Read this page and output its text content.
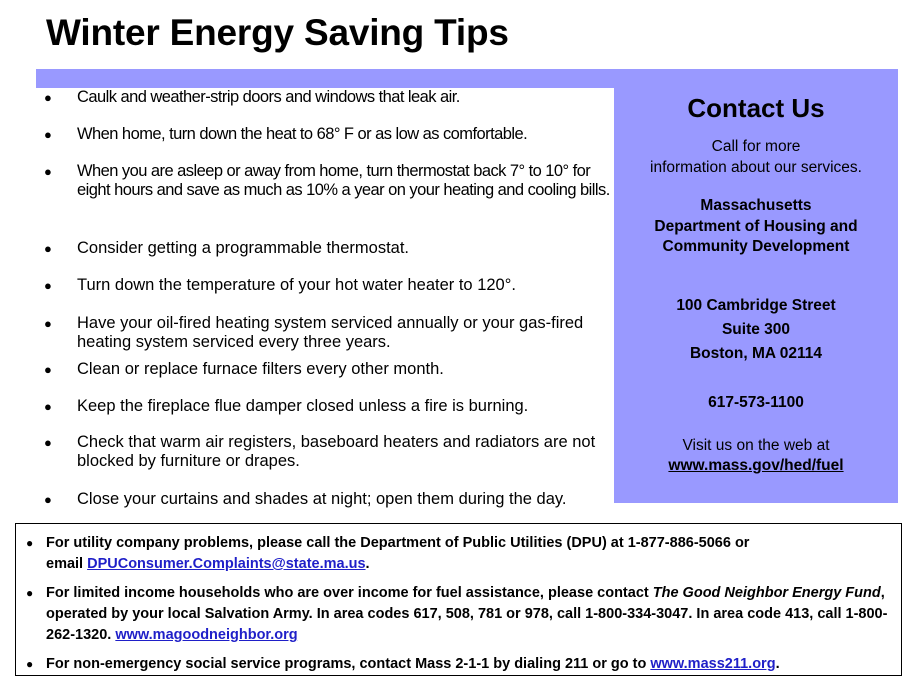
Winter Energy Saving Tips
● Caulk and weather-strip doors and windows that leak air.
● When home, turn down the heat to 68° F or as low as comfortable.
● When you are asleep or away from home, turn thermostat back 7° to 10° for eight hours and save as much as 10% a year on your heating and cooling bills.
● Consider getting a programmable thermostat.
● Turn down the temperature of your hot water heater to 120°.
● Have your oil-fired heating system serviced annually or your gas-fired heating system serviced every three years.
● Clean or replace furnace filters every other month.
● Keep the fireplace flue damper closed unless a fire is burning.
● Check that warm air registers, baseboard heaters and radiators are not blocked by furniture or drapes.
● Close your curtains and shades at night; open them during the day.
Contact Us
Call for more
information about our services.
Massachusetts
Department of Housing and
Community Development
100 Cambridge Street
Suite 300
Boston, MA 02114
617-573-1100
Visit us on the web at
www.mass.gov/hed/fuel
● For utility company problems, please call the Department of Public Utilities (DPU) at 1-877-886-5066 or
email DPUConsumer.Complaints@state.ma.us.
● For limited income households who are over income for fuel assistance, please contact The Good Neighbor Energy Fund, operated by your local Salvation Army. In area codes 617, 508, 781 or 978, call 1-800-334-3047. In area code 413, call 1-800-262-1320. www.magoodneighbor.org
● For non-emergency social service programs, contact Mass 2-1-1 by dialing 211 or go to www.mass211.org.
